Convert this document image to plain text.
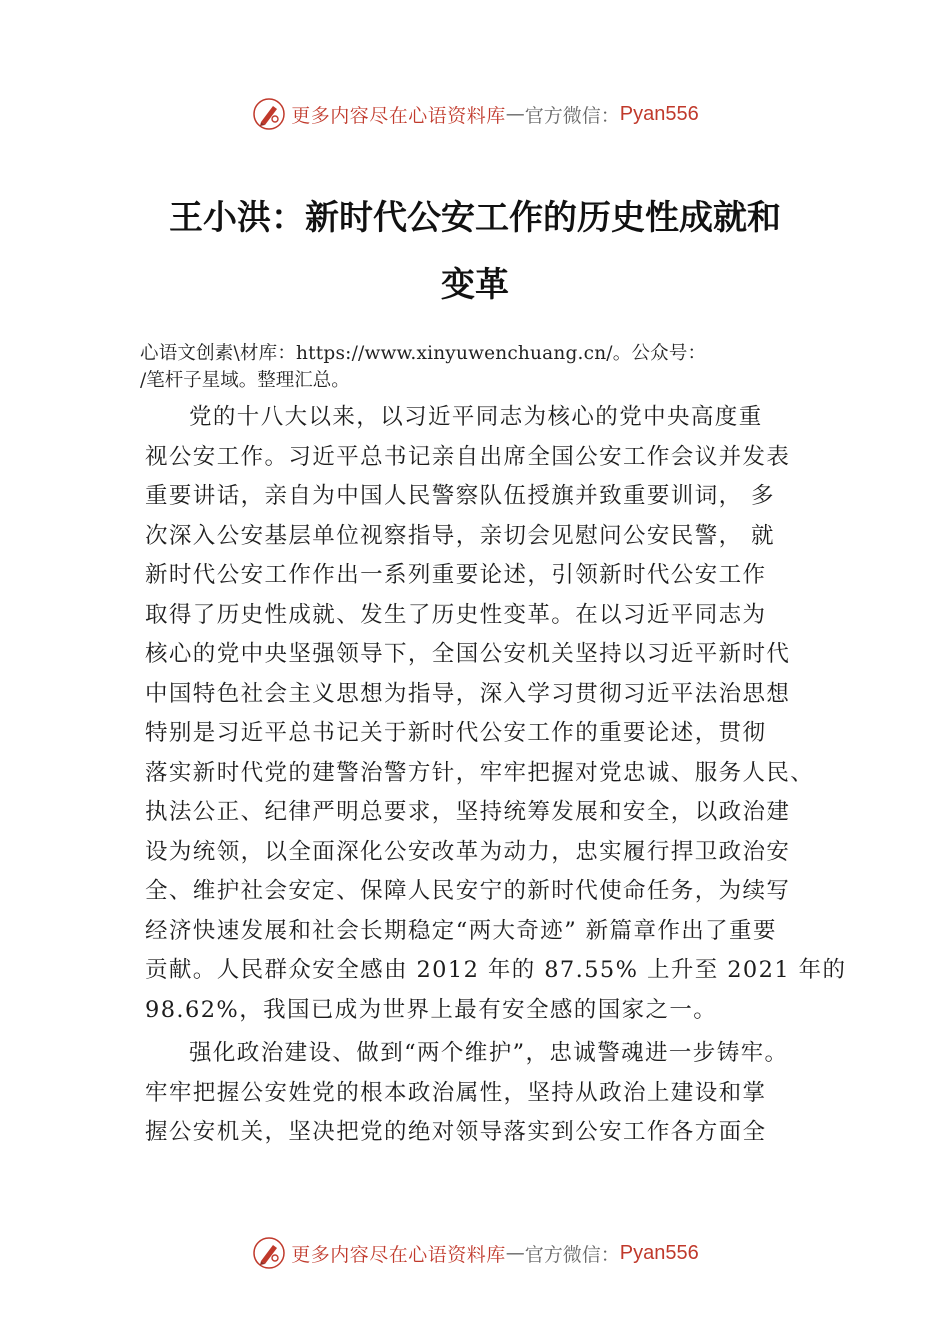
更多内容尽在心语资料库 — 官方微信： Pyan556
王小洪：新时代公安工作的历史性成就和
变革
心语文创素\材库：https://www.xinyuwenchuang.cn/。公众号：
/笔杆子星域。整理汇总。
党的十八大以来，以习近平同志为核心的党中央高度重
视公安工作。习近平总书记亲自出席全国公安工作会议并发表
重要讲话，亲自为中国人民警察队伍授旗并致重要训词， 多
次深入公安基层单位视察指导，亲切会见慰问公安民警， 就
新时代公安工作作出一系列重要论述，引领新时代公安工作
取得了历史性成就、发生了历史性变革。在以习近平同志为
核心的党中央坚强领导下，全国公安机关坚持以习近平新时代
中国特色社会主义思想为指导，深入学习贯彻习近平法治思想
特别是习近平总书记关于新时代公安工作的重要论述，贯彻
落实新时代党的建警治警方针，牢牢把握对党忠诚、服务人民、
执法公正、纪律严明总要求，坚持统筹发展和安全，以政治建
设为统领，以全面深化公安改革为动力，忠实履行捍卫政治安
全、维护社会安定、保障人民安宁的新时代使命任务，为续写
经济快速发展和社会长期稳定“两大奇迹” 新篇章作出了重要
贡献。人民群众安全感由 2012 年的 87.55% 上升至 2021 年的
98.62%，我国已成为世界上最有安全感的国家之一。
强化政治建设、做到“两个维护”，忠诚警魂进一步铸牢。
牢牢把握公安姓党的根本政治属性，坚持从政治上建设和掌
握公安机关，坚决把党的绝对领导落实到公安工作各方面全
更多内容尽在心语资料库 — 官方微信： Pyan556
